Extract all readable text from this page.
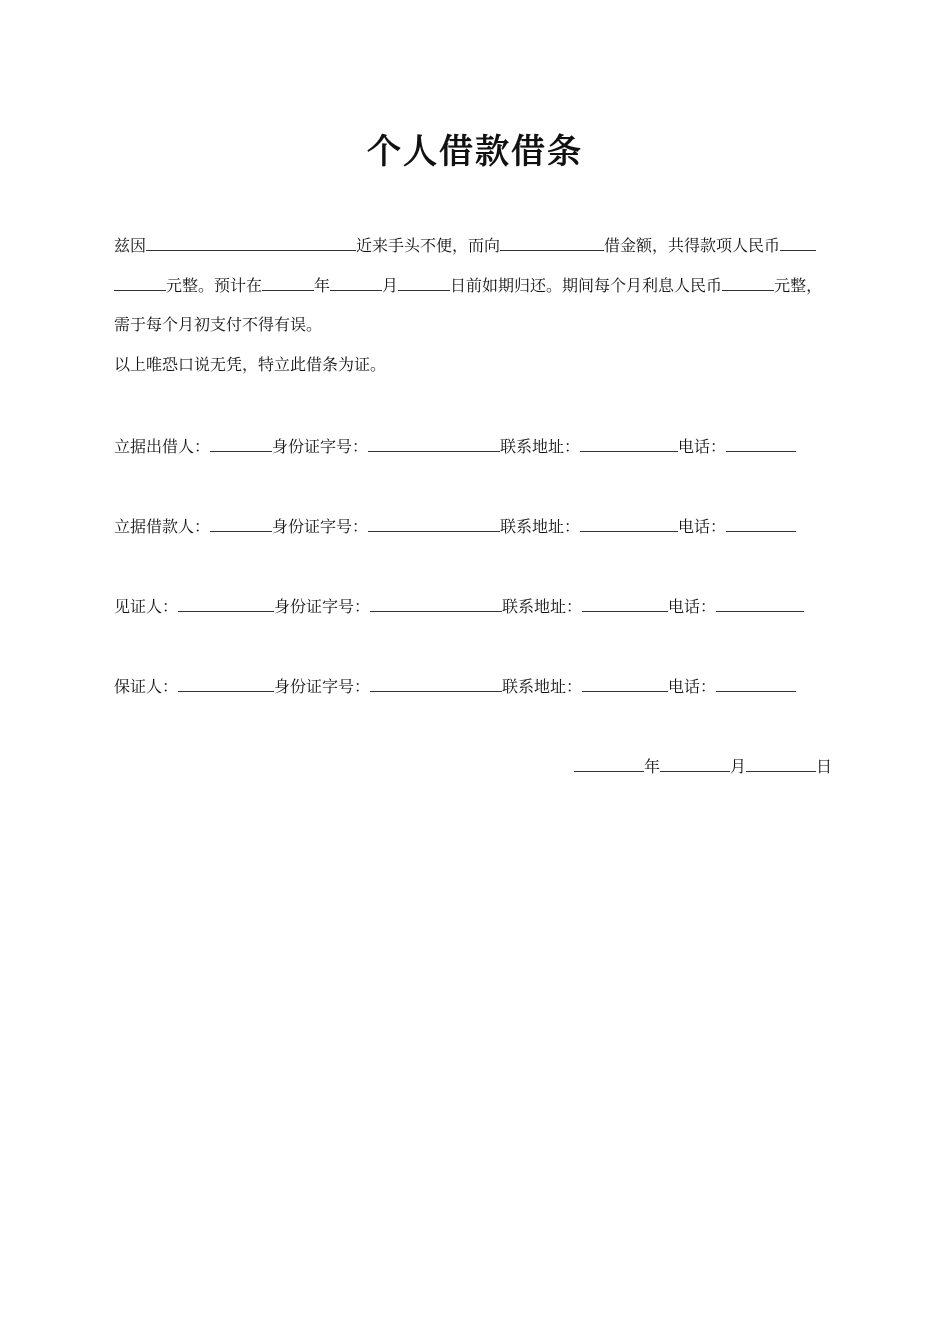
个人借款借条
兹因	近来手头不便，而向	借金额，共得款项人民币
元整。预计在	年	月	日前如期归还。期间每个月利息人民币	元整，
需于每个月初支付不得有误。
以上唯恐口说无凭，特立此借条为证。
立据出借人：	身份证字号：	联系地址：	电话：
立据借款人：	身份证字号：	联系地址：	电话：
见证人：	身份证字号：	联系地址：	电话：
保证人：	身份证字号：	联系地址：	电话：
年	月	日
